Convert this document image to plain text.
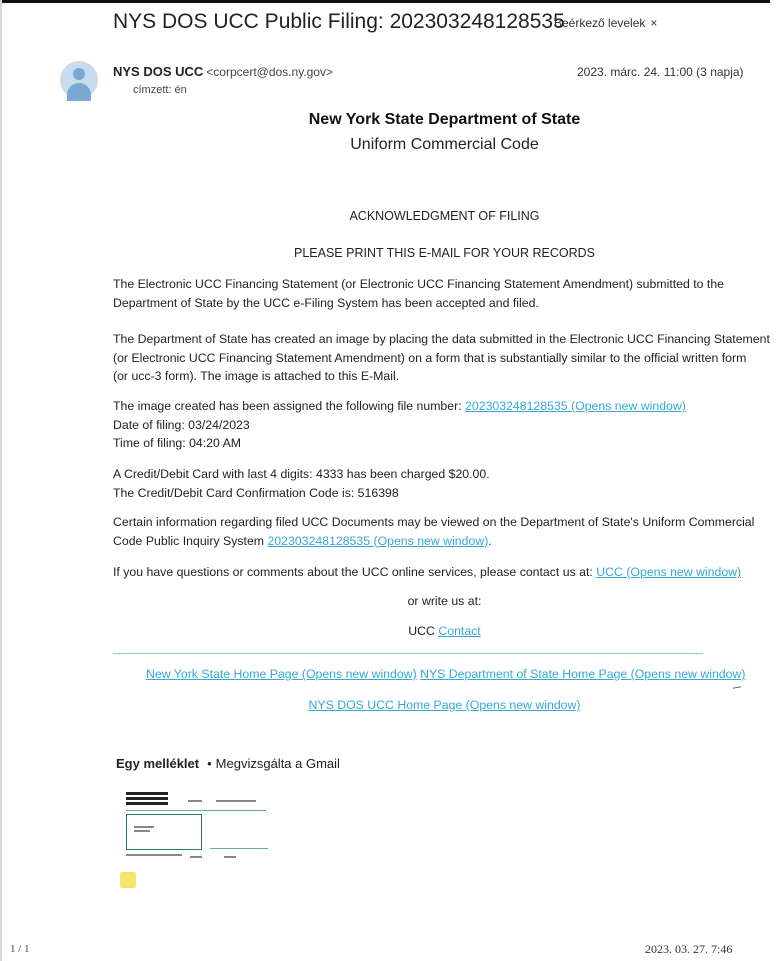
NYS DOS UCC Public Filing: 202303248128535
Beérkező levelek ×
NYS DOS UCC <corpcert@dos.ny.gov>
címzett: én
2023. márc. 24. 11:00 (3 napja)
New York State Department of State
Uniform Commercial Code
ACKNOWLEDGMENT OF FILING
PLEASE PRINT THIS E-MAIL FOR YOUR RECORDS
The Electronic UCC Financing Statement (or Electronic UCC Financing Statement Amendment) submitted to the
Department of State by the UCC e-Filing System has been accepted and filed.
The Department of State has created an image by placing the data submitted in the Electronic UCC Financing Statement
(or Electronic UCC Financing Statement Amendment) on a form that is substantially similar to the official written form
(or ucc-3 form). The image is attached to this E-Mail.
The image created has been assigned the following file number: 202303248128535 (Opens new window)
Date of filing: 03/24/2023
Time of filing: 04:20 AM
A Credit/Debit Card with last 4 digits: 4333 has been charged $20.00.
The Credit/Debit Card Confirmation Code is: 516398
Certain information regarding filed UCC Documents may be viewed on the Department of State's Uniform Commercial
Code Public Inquiry System 202303248128535 (Opens new window).
If you have questions or comments about the UCC online services, please contact us at: UCC (Opens new window)
or write us at:
UCC Contact
New York State Home Page (Opens new window) NYS Department of State Home Page (Opens new window)
NYS DOS UCC Home Page (Opens new window)
Egy melléklet • Megvizsgálta a Gmail
1 / 1	2023. 03. 27. 7:46
